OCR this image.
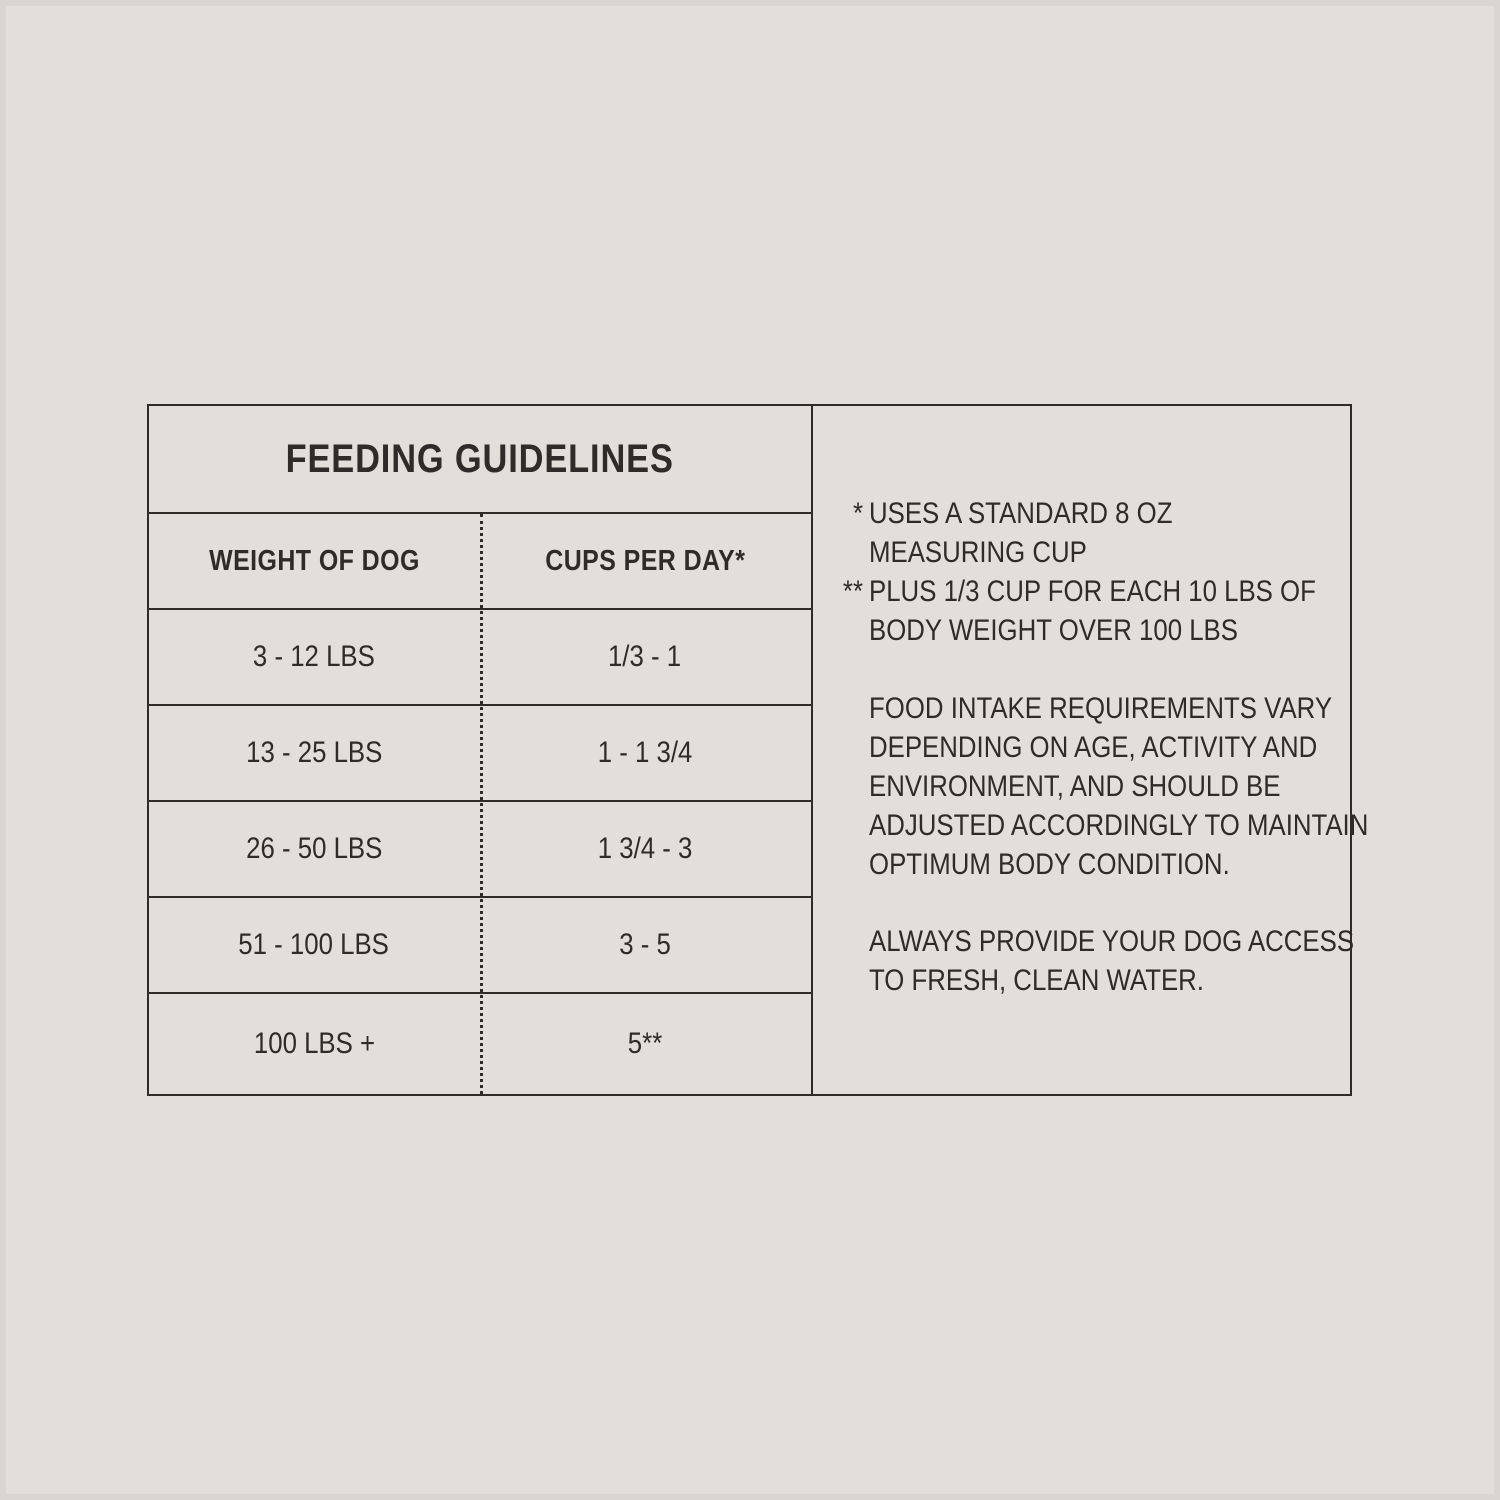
FEEDING GUIDELINES
WEIGHT OF DOG	CUPS PER DAY*
3 - 12 LBS	1/3 - 1
13 - 25 LBS	1 - 1 3/4
26 - 50 LBS	1 3/4 - 3
51 - 100 LBS	3 - 5
100 LBS +	5**
* USES A STANDARD 8 OZ
MEASURING CUP
** PLUS 1/3 CUP FOR EACH 10 LBS OF
BODY WEIGHT OVER 100 LBS
FOOD INTAKE REQUIREMENTS VARY
DEPENDING ON AGE, ACTIVITY AND
ENVIRONMENT, AND SHOULD BE
ADJUSTED ACCORDINGLY TO MAINTAIN
OPTIMUM BODY CONDITION.
ALWAYS PROVIDE YOUR DOG ACCESS
TO FRESH, CLEAN WATER.
